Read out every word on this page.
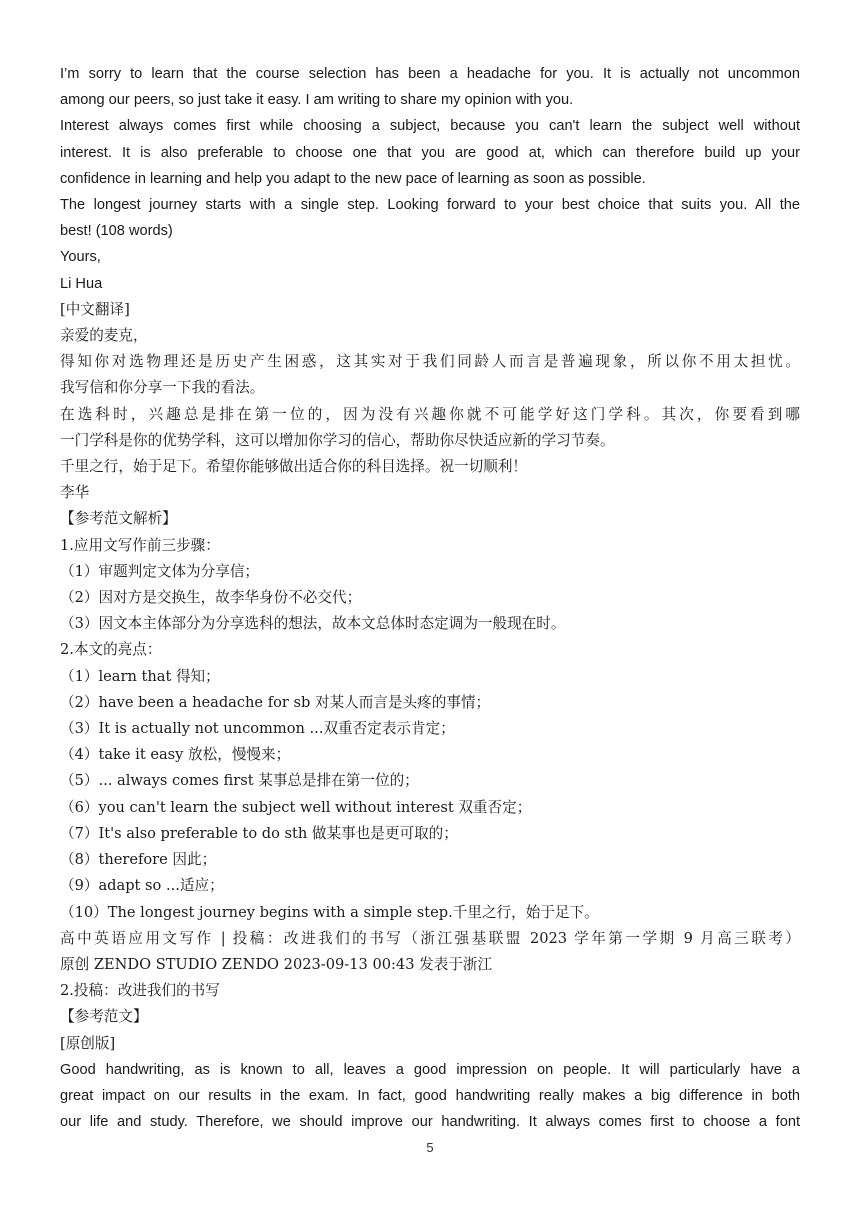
I’m sorry to learn that the course selection has been a headache for you. It is actually not uncommon
among our peers, so just take it easy. I am writing to share my opinion with you.
Interest always comes first while choosing a subject, because you can't learn the subject well without
interest. It is also preferable to choose one that you are good at, which can therefore build up your
confidence in learning and help you adapt to the new pace of learning as soon as possible.
The longest journey starts with a single step. Looking forward to your best choice that suits you. All the
best! (108 words)
Yours,
Li Hua
[中文翻译]
亲爱的麦克，
得知你对选物理还是历史产生困惑，这其实对于我们同龄人而言是普遍现象，所以你不用太担忧。
我写信和你分享一下我的看法。
在选科时，兴趣总是排在第一位的，因为没有兴趣你就不可能学好这门学科。其次，你要看到哪
一门学科是你的优势学科，这可以增加你学习的信心，帮助你尽快适应新的学习节奏。
千里之行，始于足下。希望你能够做出适合你的科目选择。祝一切顺利！
李华
【参考范文解析】
1.应用文写作前三步骤：
（1）审题判定文体为分享信；
（2）因对方是交换生，故李华身份不必交代；
（3）因文本主体部分为分享选科的想法，故本文总体时态定调为一般现在时。
2.本文的亮点：
（1）learn that 得知；
（2）have been a headache for sb 对某人而言是头疼的事情；
（3）It is actually not uncommon ...双重否定表示肯定；
（4）take it easy 放松，慢慢来；
（5）... always comes first 某事总是排在第一位的；
（6）you can't learn the subject well without interest 双重否定；
（7）It's also preferable to do sth 做某事也是更可取的；
（8）therefore 因此；
（9）adapt so ...适应；
（10）The longest journey begins with a simple step.千里之行，始于足下。
高中英语应用文写作 | 投稿：改进我们的书写（浙江强基联盟 2023 学年第一学期 9 月高三联考）
原创 ZENDO STUDIO ZENDO 2023-09-13 00:43 发表于浙江
2.投稿：改进我们的书写
【参考范文】
[原创版]
Good handwriting, as is known to all, leaves a good impression on people. It will particularly have a
great impact on our results in the exam. In fact, good handwriting really makes a big difference in both
our life and study. Therefore, we should improve our handwriting. It always comes first to choose a font
5
